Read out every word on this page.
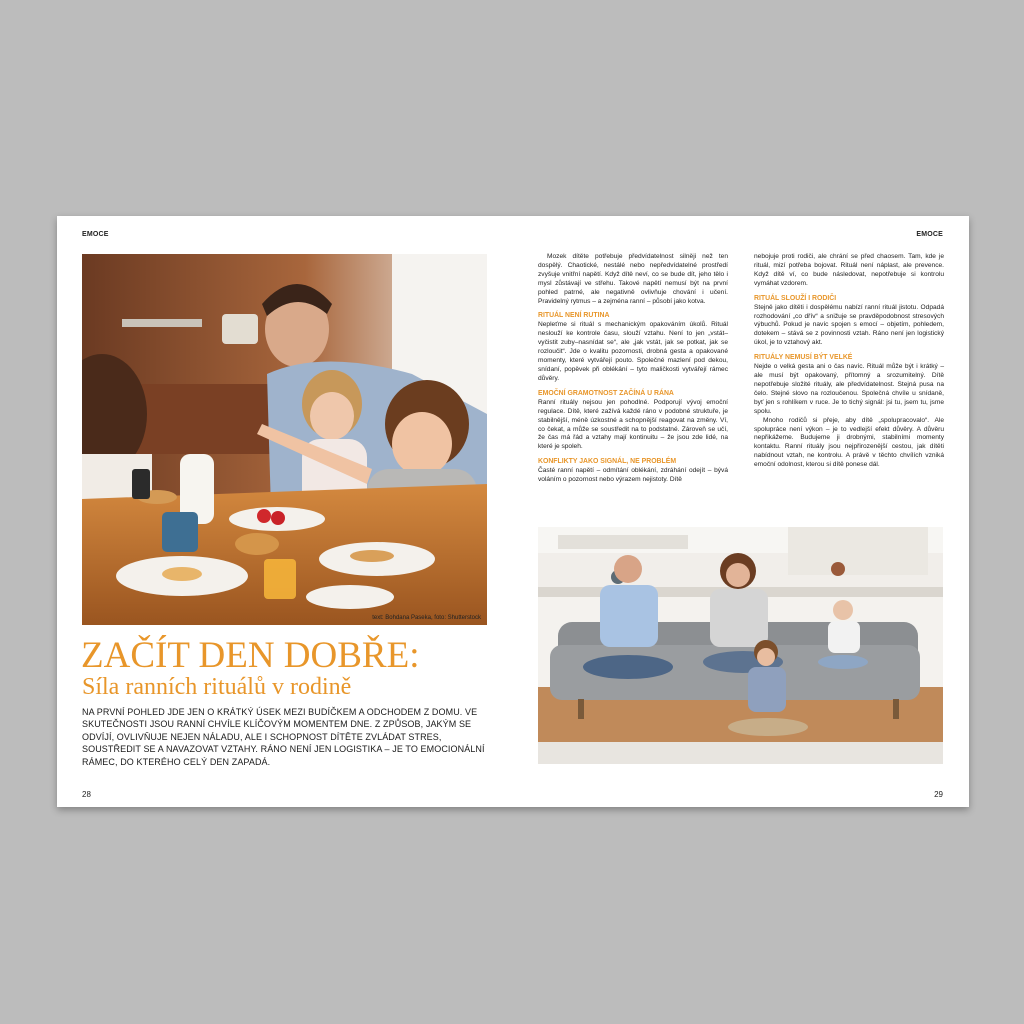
EMOCE
text: Bohdana Paseka, foto: Shutterstock
ZAČÍT DEN DOBŘE:
Síla ranních rituálů v rodině

NA PRVNÍ POHLED JDE JEN O KRÁTKÝ ÚSEK MEZI BUDÍČKEM A ODCHODEM Z DOMU. VE SKUTEČNOSTI JSOU RANNÍ CHVÍLE KLÍČOVÝM MOMENTEM DNE. Z ZPŮSOB, JAKÝM SE ODVÍJÍ, OVLIVŇUJE NEJEN NÁLADU, ALE I SCHOPNOST DÍTĚTE ZVLÁDAT STRES, SOUSTŘEDIT SE A NAVAZOVAT VZTAHY. RÁNO NENÍ JEN LOGISTIKA – JE TO EMOCIONÁLNÍ RÁMEC, DO KTERÉHO CELÝ DEN ZAPADÁ.

28
EMOCE

Mozek dítěte potřebuje předvídatelnost silněji než ten dospělý. Chaotické, nestálé nebo nepředvídatelné prostředí zvyšuje vnitřní napětí. Když dítě neví, co se bude dít, jeho tělo i mysl zůstávají ve střehu. Takové napětí nemusí být na první pohled patrné, ale negativně ovlivňuje chování i učení. Pravidelný rytmus – a zejména ranní – působí jako kotva.

RITUÁL NENÍ RUTINA

Nepleťme si rituál s mechanickým opakováním úkolů. Rituál neslouží ke kontrole času, slouží vztahu. Není to jen „vstát–vyčistit zuby–nasnídat se“, ale „jak vstát, jak se potkat, jak se rozloučit“. Jde o kvalitu pozornosti, drobná gesta a opakované momenty, které vytvářejí pouto. Společné mazlení pod dekou, snídaní, popěvek při oblékání – tyto maličkosti vytvářejí rámec důvěry.

EMOČNÍ GRAMOTNOST ZAČÍNÁ U RÁNA

Ranní rituály nejsou jen pohodlné. Podporují vývoj emoční regulace. Dítě, které zažívá každé ráno v podobné struktuře, je stabilnější, méně úzkostné a schopnější reagovat na změny. Ví, co čekat, a může se soustředit na to podstatné. Zároveň se učí, že čas má řád a vztahy mají kontinuitu – že jsou zde lidé, na které je spoleh.

KONFLIKTY JAKO SIGNÁL, NE PROBLÉM

Časté ranní napětí – odmítání oblékání, zdráhání odejít – bývá voláním o pozornost nebo výrazem nejistoty. Dítě

nebojuje proti rodiči, ale chrání se před chaosem. Tam, kde je rituál, mizí potřeba bojovat. Rituál není náplast, ale prevence. Když dítě ví, co bude následovat, nepotřebuje si kontrolu vymáhat vzdorem.

RITUÁL SLOUŽÍ I RODIČI

Stejně jako dítěti i dospělému nabízí ranní rituál jistotu. Odpadá rozhodování „co dřív“ a snižuje se pravděpodobnost stresových výbuchů. Pokud je navíc spojen s emocí – objetím, pohledem, dotekem – stává se z povinnosti vztah. Ráno není jen logistický úkol, je to vztahový akt.

RITUÁLY NEMUSÍ BÝT VELKÉ

Nejde o velká gesta ani o čas navíc. Rituál může být i krátký – ale musí být opakovaný, přítomný a srozumitelný. Dítě nepotřebuje složité rituály, ale předvídatelnost. Stejná pusa na čelo. Stejné slovo na rozloučenou. Společná chvíle u snídaně, byť jen s rohlíkem v ruce. Je to tichý signál: jsi tu, jsem tu, jsme spolu.

Mnoho rodičů si přeje, aby dítě „spolupracovalo“. Ale spolupráce není výkon – je to vedlejší efekt důvěry. A důvěru nepřikážeme. Budujeme ji drobnými, stabilními momenty kontaktu. Ranní rituály jsou nejpřirozenější cestou, jak dítěti nabídnout vztah, ne kontrolu. A právě v těchto chvílích vzniká emoční odolnost, kterou si dítě ponese dál.

29
